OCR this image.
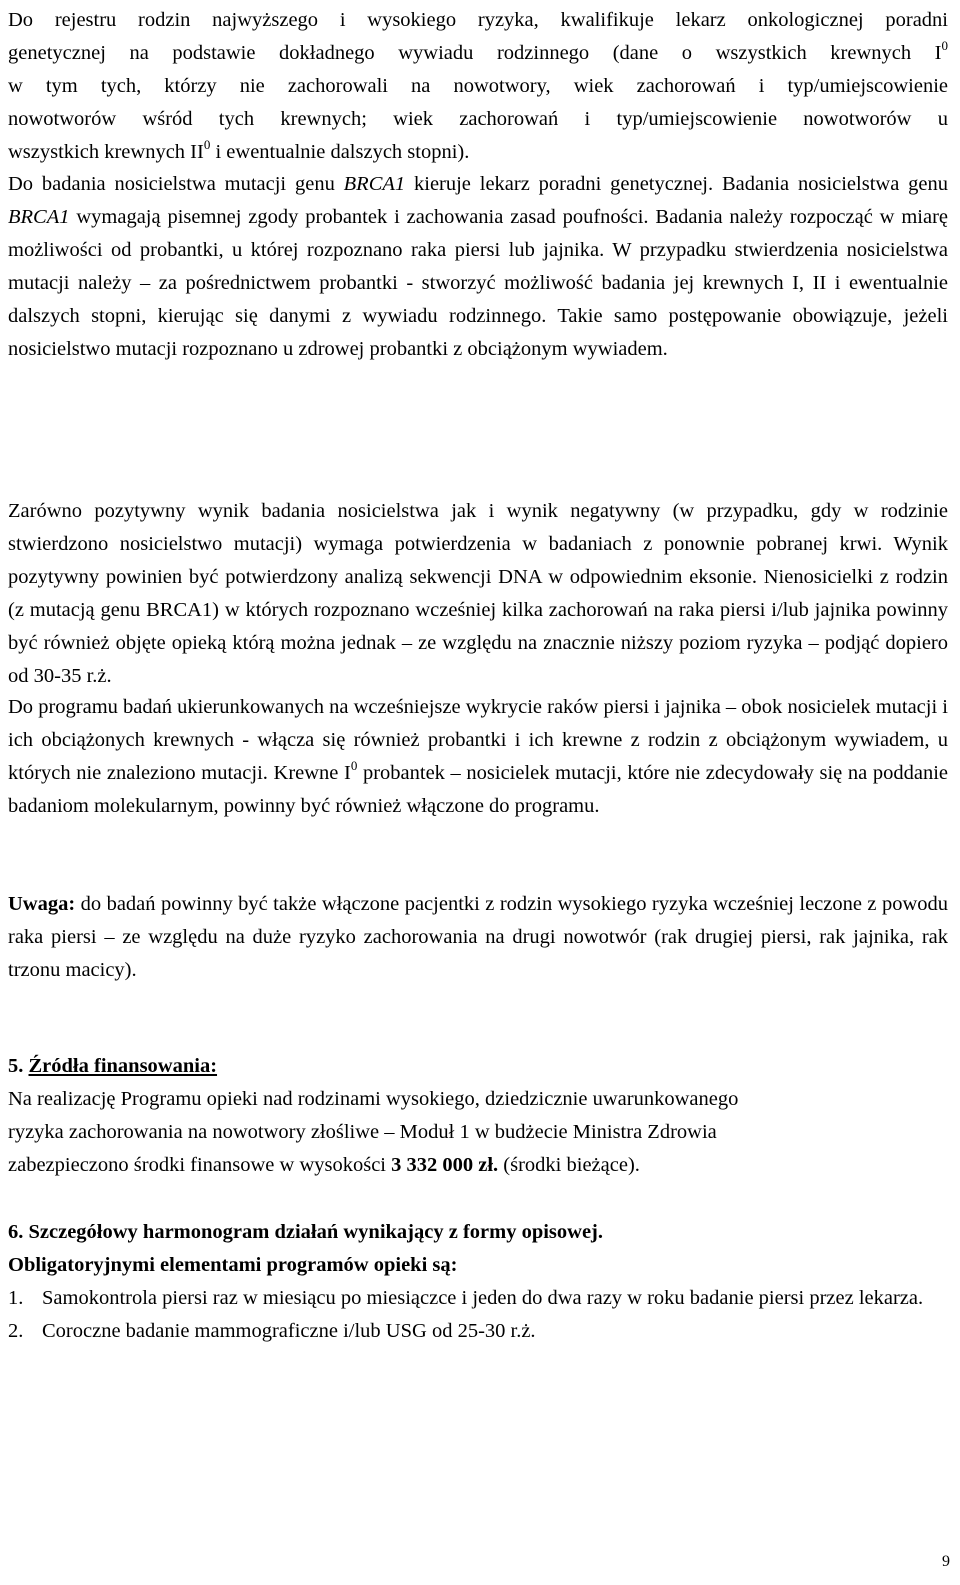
Do rejestru rodzin najwyższego i wysokiego ryzyka, kwalifikuje lekarz onkologicznej poradni

genetycznej na podstawie dokładnego wywiadu rodzinnego (dane o wszystkich krewnych $I^0$

w tym tych, którzy nie zachorowali na nowotwory, wiek zachorowań i typ/umiejscowienie

nowotworów wśród tych krewnych; wiek zachorowań i typ/umiejscowienie nowotworów u

wszystkich krewnych $II^0$ i ewentualnie dalszych stopni).

Do badania nosicielstwa mutacji genu BRCA1 kieruje lekarz poradni genetycznej. Badania nosicielstwa genu BRCA1 wymagają pisemnej zgody probantek i zachowania zasad poufności. Badania należy rozpocząć w miarę możliwości od probantki, u której rozpoznano raka piersi lub jajnika. W przypadku stwierdzenia nosicielstwa mutacji należy – za pośrednictwem probantki - stworzyć możliwość badania jej krewnych I, II i ewentualnie dalszych stopni, kierując się danymi z wywiadu rodzinnego. Takie samo postępowanie obowiązuje, jeżeli nosicielstwo mutacji rozpoznano u zdrowej probantki z obciążonym wywiadem.

Zarówno pozytywny wynik badania nosicielstwa jak i wynik negatywny (w przypadku, gdy w rodzinie stwierdzono nosicielstwo mutacji) wymaga potwierdzenia w badaniach z ponownie pobranej krwi. Wynik pozytywny powinien być potwierdzony analizą sekwencji DNA w odpowiednim eksonie. Nienosicielki z rodzin (z mutacją genu BRCA1) w których rozpoznano wcześniej kilka zachorowań na raka piersi i/lub jajnika powinny być również objęte opieką którą można jednak – ze względu na znacznie niższy poziom ryzyka – podjąć dopiero od 30-35 r.ż.

Do programu badań ukierunkowanych na wcześniejsze wykrycie raków piersi i jajnika – obok nosicielek mutacji i ich obciążonych krewnych - włącza się również probantki i ich krewne z rodzin z obciążonym wywiadem, u których nie znaleziono mutacji. Krewne $I^0$ probantek – nosicielek mutacji, które nie zdecydowały się na poddanie badaniom molekularnym, powinny być również włączone do programu.

Uwaga: do badań powinny być także włączone pacjentki z rodzin wysokiego ryzyka wcześniej leczone z powodu raka piersi – ze względu na duże ryzyko zachorowania na drugi nowotwór (rak drugiej piersi, rak jajnika, rak trzonu macicy).

5. Źródła finansowania:

Na realizację Programu opieki nad rodzinami wysokiego, dziedzicznie uwarunkowanego ryzyka zachorowania na nowotwory złośliwe – Moduł 1 w budżecie Ministra Zdrowia zabezpieczono środki finansowe w wysokości 3 332 000 zł. (środki bieżące).

6. Szczegółowy harmonogram działań wynikający z formy opisowej.

Obligatoryjnymi elementami programów opieki są:

1. Samokontrola piersi raz w miesiącu po miesiączce i jeden do dwa razy w roku badanie piersi przez lekarza.
2. Coroczne badanie mammograficzne i/lub USG od 25-30 r.ż.
9
